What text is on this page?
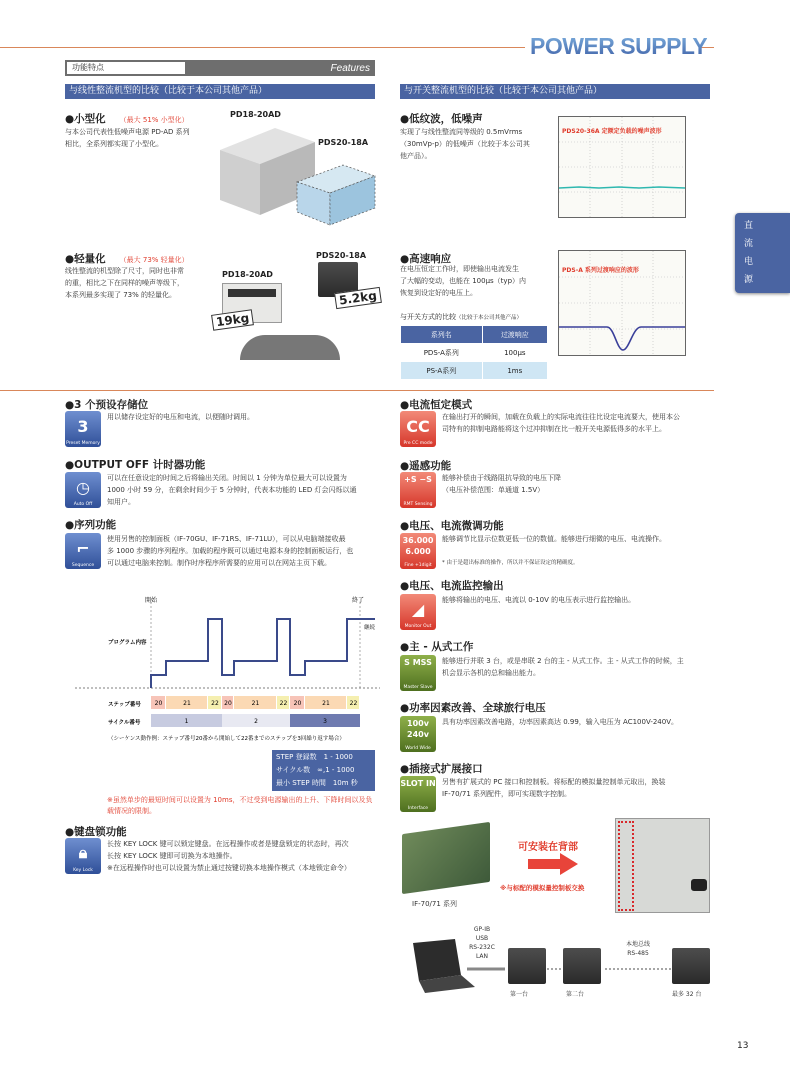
POWER SUPPLY
功能特点	Features
直
流
电
源
与线性整流机型的比较（比较于本公司其他产品）
●小型化 （最大 51% 小型化）
与本公司代表性低噪声电源 PD-AD 系列
相比，全系列都实现了小型化。
PD18-20AD
PDS20-18A
●轻量化 （最大 73% 轻量化）
线性整流的机型除了尺寸，同时也非常
的重，相比之下在同样的噪声等级下，
本系列最多实现了 73% 的轻量化。
PD18-20AD
PDS20-18A
19kg
5.2kg
与开关整流机型的比较（比较于本公司其他产品）
●低纹波，低噪声
实现了与线性整流同等级的 0.5mVrms
（30mVp-p）的低噪声（比较于本公司其
他产品）。
PDS20-36A 定额定负载的噪声波形
●高速响应
在电压恒定工作时，即使输出电流发生
了大幅的变动，也能在 100μs（typ）内
恢复到设定好的电压上。
与开关方式的比较（比较于本公司其他产品）
系列名	过渡响应
PDS-A系列	100μs
PS-A系列	1ms
PDS-A 系列过渡响应的波形
●3 个预设存储位
3
Preset Memory
用以储存设定好的电压和电流，以便随时调用。
●OUTPUT OFF 计时器功能
◷
Auto Off
可以在任意设定的时间之后将输出关闭。时间以 1 分钟为单位最大可以设置为
1000 小时 59 分，在剩余时间少于 5 分钟时，代表本功能的 LED 灯会闪烁以通
知用户。
●序列功能
⌐
Sequence
使用另售的控制面板（IF-70GU、IF-71RS、IF-71LU），可以从电脑端接收最
多 1000 步骤的序列程序。加载的程序既可以通过电源本身的控制面板运行，也
可以通过电脑来控制。制作时序程序所需要的应用可以在网站主页下载。
開始	終了
継続
プログラム内容
ステップ番号
サイクル番号
20	21	22 20	21	22 20	21	22
1	2	3
（シーケンス動作例：ステップ番号20番から開始して22番までのステップを3回繰り返す場合）
STEP 登録数　1 - 1000
サイクル数　∞,1 - 1000
最小 STEP 時間　10m 秒
※虽然单步的最短时间可以设置为 10ms，不过受到电源输出的上升、下降时间以及负
载情况的限制。
●键盘锁功能
🔒︎
Key Lock
长按 KEY LOCK 键可以锁定键盘。在远程操作或者是键盘锁定的状态时，再次
长按 KEY LOCK 键即可切换为本地操作。
※在远程操作时也可以设置为禁止通过按键切换本地操作模式（本地锁定命令）
●电流恒定模式
CC
Pre CC mode
在输出打开的瞬间，加载在负载上的实际电流往往比设定电流要大，使用本公
司特有的抑制电路能将这个过冲抑制在比一般开关电源低得多的水平上。
●遥感功能
+S −S
RMT Sensing
能够补偿由于线路阻抗导致的电压下降
（电压补偿范围：单通道 1.5V）
●电压、电流微调功能
36.000 6.000
Fine +1digit
能够调节比显示位数更低一位的数值。能够进行细微的电压、电流操作。
* 由于是超出标准的操作，所以并不保证设定的精确度。
●电压、电流监控输出
◢
Monitor Out
能够将输出的电压、电流以 0-10V 的电压表示进行监控输出。
●主 - 从式工作
S MSS
Master Slave
能够进行并联 3 台，或是串联 2 台的主 - 从式工作。主 - 从式工作的时候，主
机会显示各机的总和输出能力。
●功率因素改善、全球旅行电压
100v 240v
World Wide
具有功率因素改善电路，功率因素高达 0.99，输入电压为 AC100V-240V。
●插接式扩展接口
SLOT IN
Interface
另售有扩展式的 PC 接口和控制板。将标配的模拟量控制单元取出，换装
IF-70/71 系列配件，即可实现数字控制。
IF-70/71 系列
可安装在背部
※与标配的模拟量控制板交换
GP-IB
USB
RS-232C
LAN
本地总线
RS-485
第一台	第二台	最多 32 台
13
